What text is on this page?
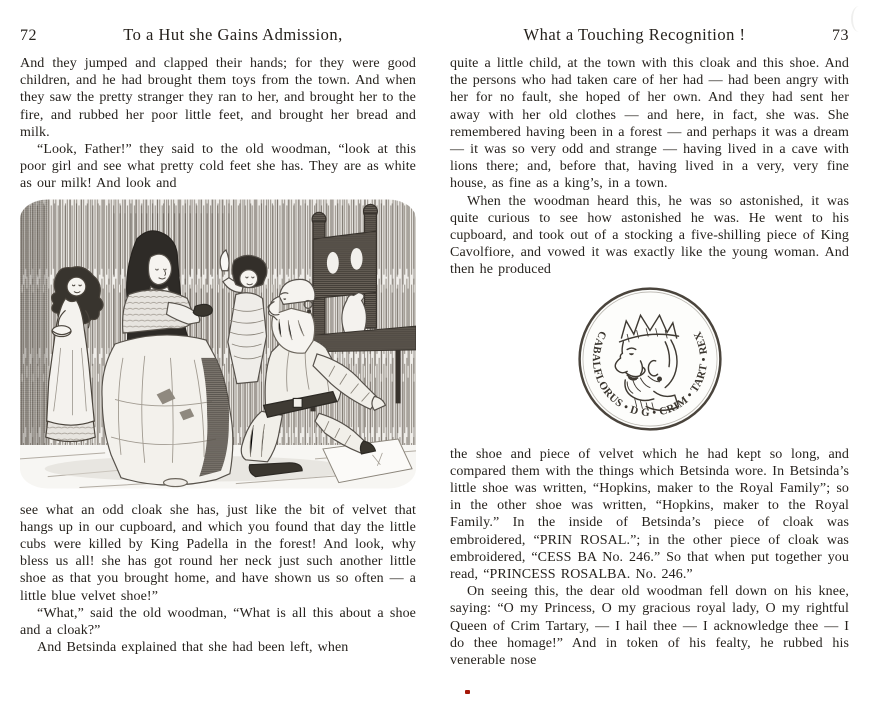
72	To a Hut she Gains Admission,

And they jumped and clapped their hands; for they were good children, and he had brought them toys from the town. And when they saw the pretty stranger they ran to her, and brought her to the fire, and rubbed her poor little feet, and brought her bread and milk.

“Look, Father!” they said to the old woodman, “look at this poor girl and see what pretty cold feet she has. They are as white as our milk! And look and

see what an odd cloak she has, just like the bit of velvet that hangs up in our cupboard, and which you found that day the little cubs were killed by King Padella in the forest! And look, why bless us all! she has got round her neck just such another little shoe as that you brought home, and have shown us so often — a little blue velvet shoe!”

“What,” said the old woodman, “What is all this about a shoe and a cloak?”

And Betsinda explained that she had been left, when

What a Touching Recognition !	73

quite a little child, at the town with this cloak and this shoe. And the persons who had taken care of her had — had been angry with her for no fault, she hoped of her own. And they had sent her away with her old clothes — and here, in fact, she was. She remembered having been in a forest — and perhaps it was a dream — it was so very odd and strange — having lived in a cave with lions there; and, before that, having lived in a very, very fine house, as fine as a king’s, in a town.

When the woodman heard this, he was so astonished, it was quite curious to see how astonished he was. He went to his cupboard, and took out of a stocking a five-shilling piece of King Cavolfiore, and vowed it was exactly like the young woman. And then he produced

CABALFLORUS • D G • CRIM • TART • REX

the shoe and piece of velvet which he had kept so long, and compared them with the things which Betsinda wore. In Betsinda’s little shoe was written, “Hopkins, maker to the Royal Family”; so in the other shoe was written, “Hopkins, maker to the Royal Family.” In the inside of Betsinda’s piece of cloak was embroidered, “PRIN ROSAL.”; in the other piece of cloak was embroidered, “CESS BA No. 246.” So that when put together you read, “PRINCESS ROSALBA. No. 246.”

On seeing this, the dear old woodman fell down on his knee, saying: “O my Princess, O my gracious royal lady, O my rightful Queen of Crim Tartary, — I hail thee — I acknowledge thee — I do thee homage!” And in token of his fealty, he rubbed his venerable nose
